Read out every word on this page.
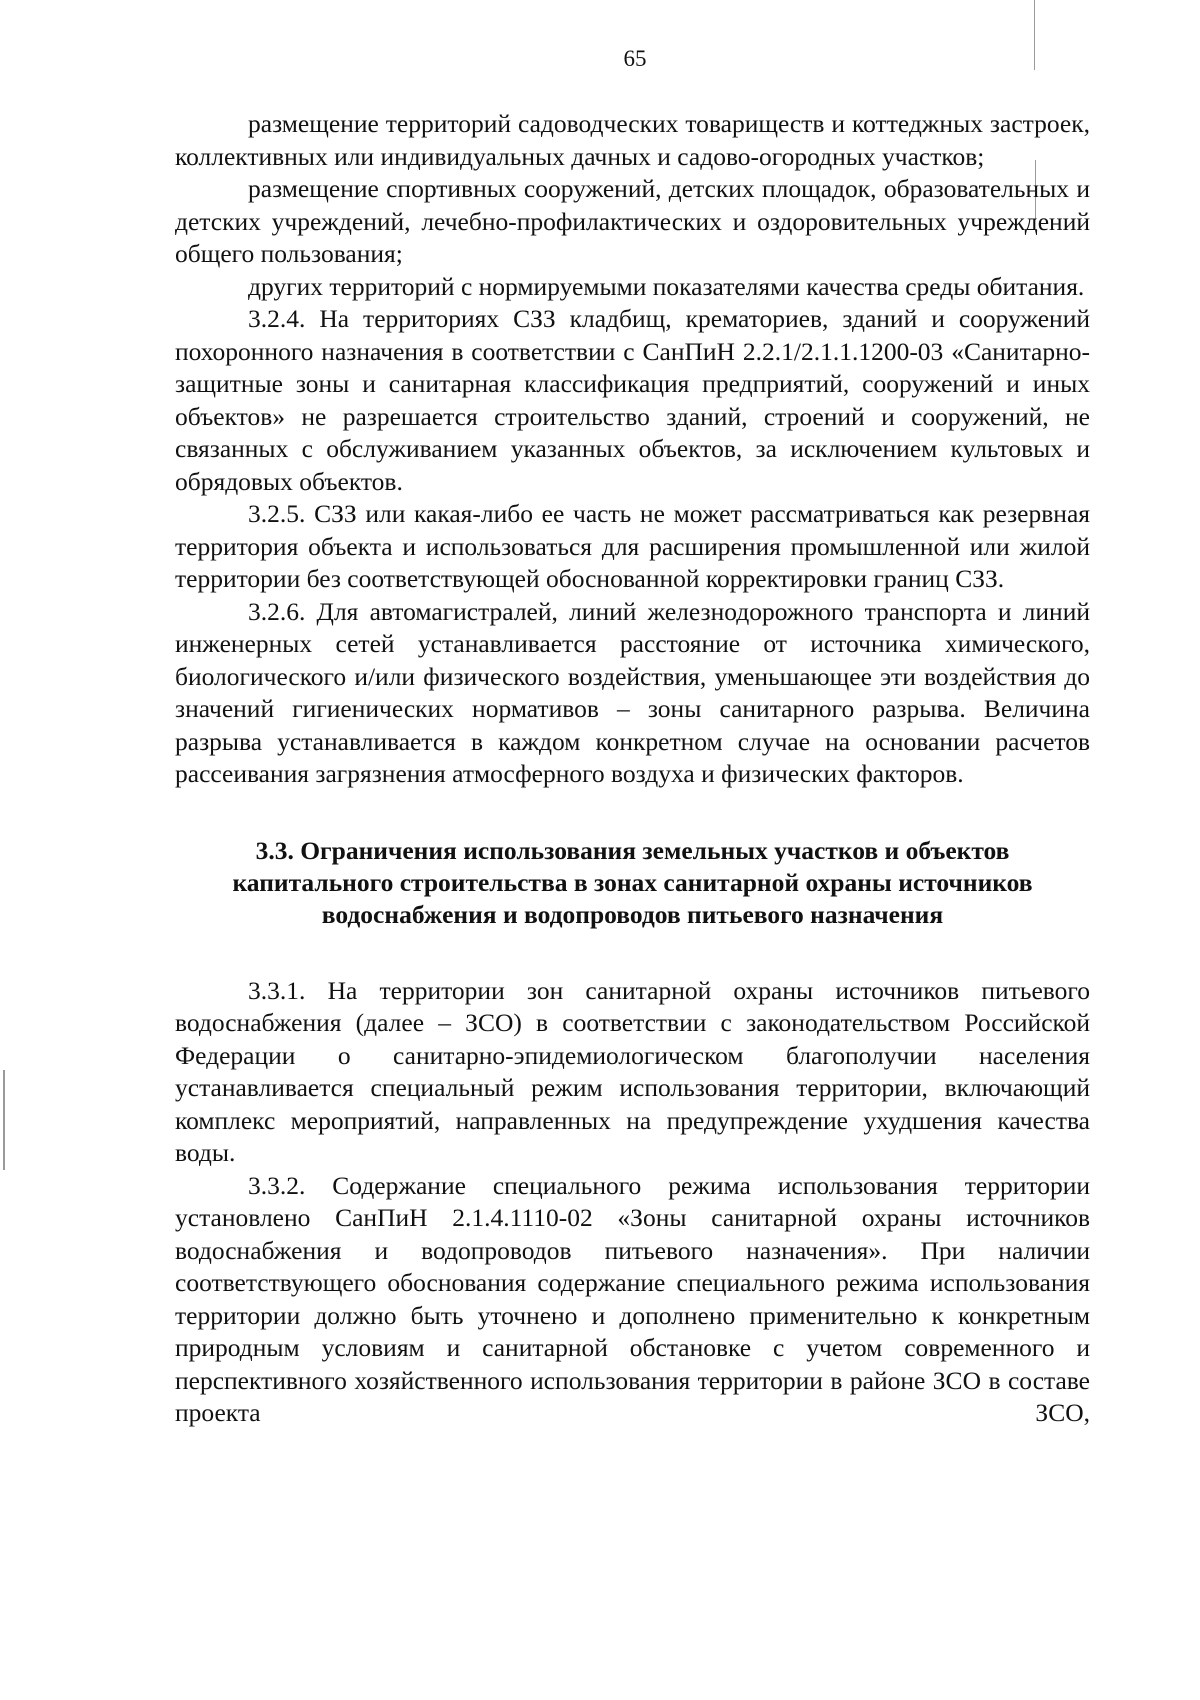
65

размещение территорий садоводческих товариществ и коттеджных застроек, коллективных или индивидуальных дачных и садово-огородных участков;

размещение спортивных сооружений, детских площадок, образовательных и детских учреждений, лечебно-профилактических и оздоровительных учреждений общего пользования;

других территорий с нормируемыми показателями качества среды обитания.

3.2.4. На территориях СЗЗ кладбищ, крематориев, зданий и сооружений похоронного назначения в соответствии с СанПиН 2.2.1/2.1.1.1200-03 «Санитарно-защитные зоны и санитарная классификация предприятий, сооружений и иных объектов» не разрешается строительство зданий, строений и сооружений, не связанных с обслуживанием указанных объектов, за исключением культовых и обрядовых объектов.

3.2.5. СЗЗ или какая-либо ее часть не может рассматриваться как резервная территория объекта и использоваться для расширения промышленной или жилой территории без соответствующей обоснованной корректировки границ СЗЗ.

3.2.6. Для автомагистралей, линий железнодорожного транспорта и линий инженерных сетей устанавливается расстояние от источника химического, биологического и/или физического воздействия, уменьшающее эти воздействия до значений гигиенических нормативов – зоны санитарного разрыва. Величина разрыва устанавливается в каждом конкретном случае на основании расчетов рассеивания загрязнения атмосферного воздуха и физических факторов.

3.3. Ограничения использования земельных участков и объектов капитального строительства в зонах санитарной охраны источников водоснабжения и водопроводов питьевого назначения

3.3.1. На территории зон санитарной охраны источников питьевого водоснабжения (далее – ЗСО) в соответствии с законодательством Российской Федерации о санитарно-эпидемиологическом благополучии населения устанавливается специальный режим использования территории, включающий комплекс мероприятий, направленных на предупреждение ухудшения качества воды.

3.3.2. Содержание специального режима использования территории установлено СанПиН 2.1.4.1110-02 «Зоны санитарной охраны источников водоснабжения и водопроводов питьевого назначения». При наличии соответствующего обоснования содержание специального режима использования территории должно быть уточнено и дополнено применительно к конкретным природным условиям и санитарной обстановке с учетом современного и перспективного хозяйственного использования территории в районе ЗСО в составе проекта ЗСО,
